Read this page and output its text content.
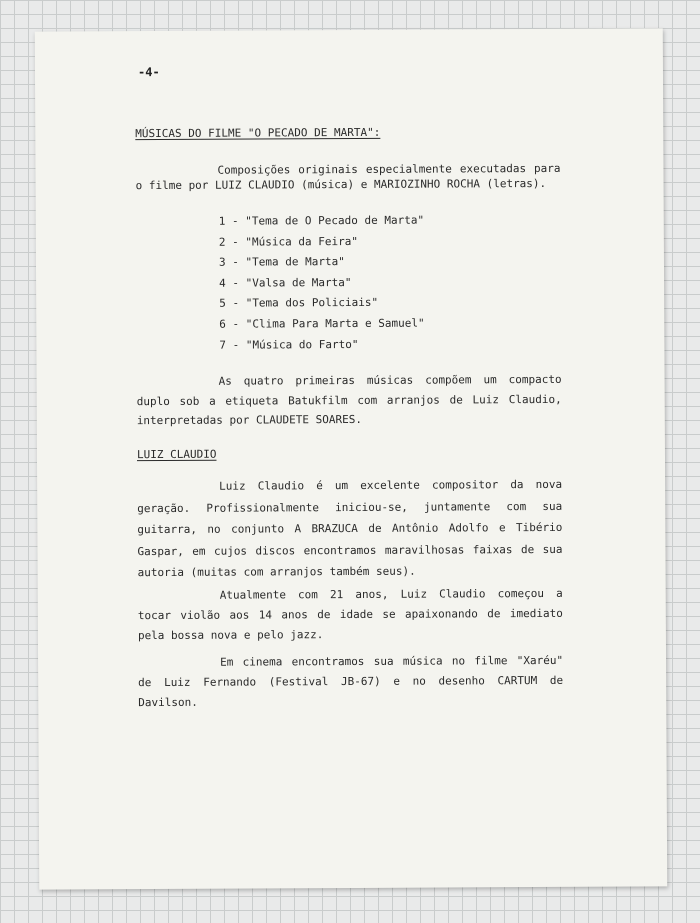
-4-

MÚSICAS DO FILME "O PECADO DE MARTA":

Composições originais especialmente executadas para o filme por LUIZ CLAUDIO (música) e MARIOZINHO ROCHA (letras).

1 - "Tema de O Pecado de Marta"
2 - "Música da Feira"
3 - "Tema de Marta"
4 - "Valsa de Marta"
5 - "Tema dos Policiais"
6 - "Clima Para Marta e Samuel"
7 - "Música do Farto"

As quatro primeiras músicas compõem um compacto duplo sob a etiqueta Batukfilm com arranjos de Luiz Claudio, interpretadas por CLAUDETE SOARES.

LUIZ CLAUDIO

Luiz Claudio é um excelente compositor da nova geração. Profissionalmente iniciou-se, juntamente com sua guitarra, no conjunto A BRAZUCA de Antônio Adolfo e Tibério Gaspar, em cujos discos encontramos maravilhosas faixas de sua autoria (muitas com arranjos também seus).

Atualmente com 21 anos, Luiz Claudio começou a tocar violão aos 14 anos de idade se apaixonando de imediato pela bossa nova e pelo jazz.

Em cinema encontramos sua música no filme "Xaréu" de Luiz Fernando (Festival JB-67) e no desenho CARTUM de Davilson.
